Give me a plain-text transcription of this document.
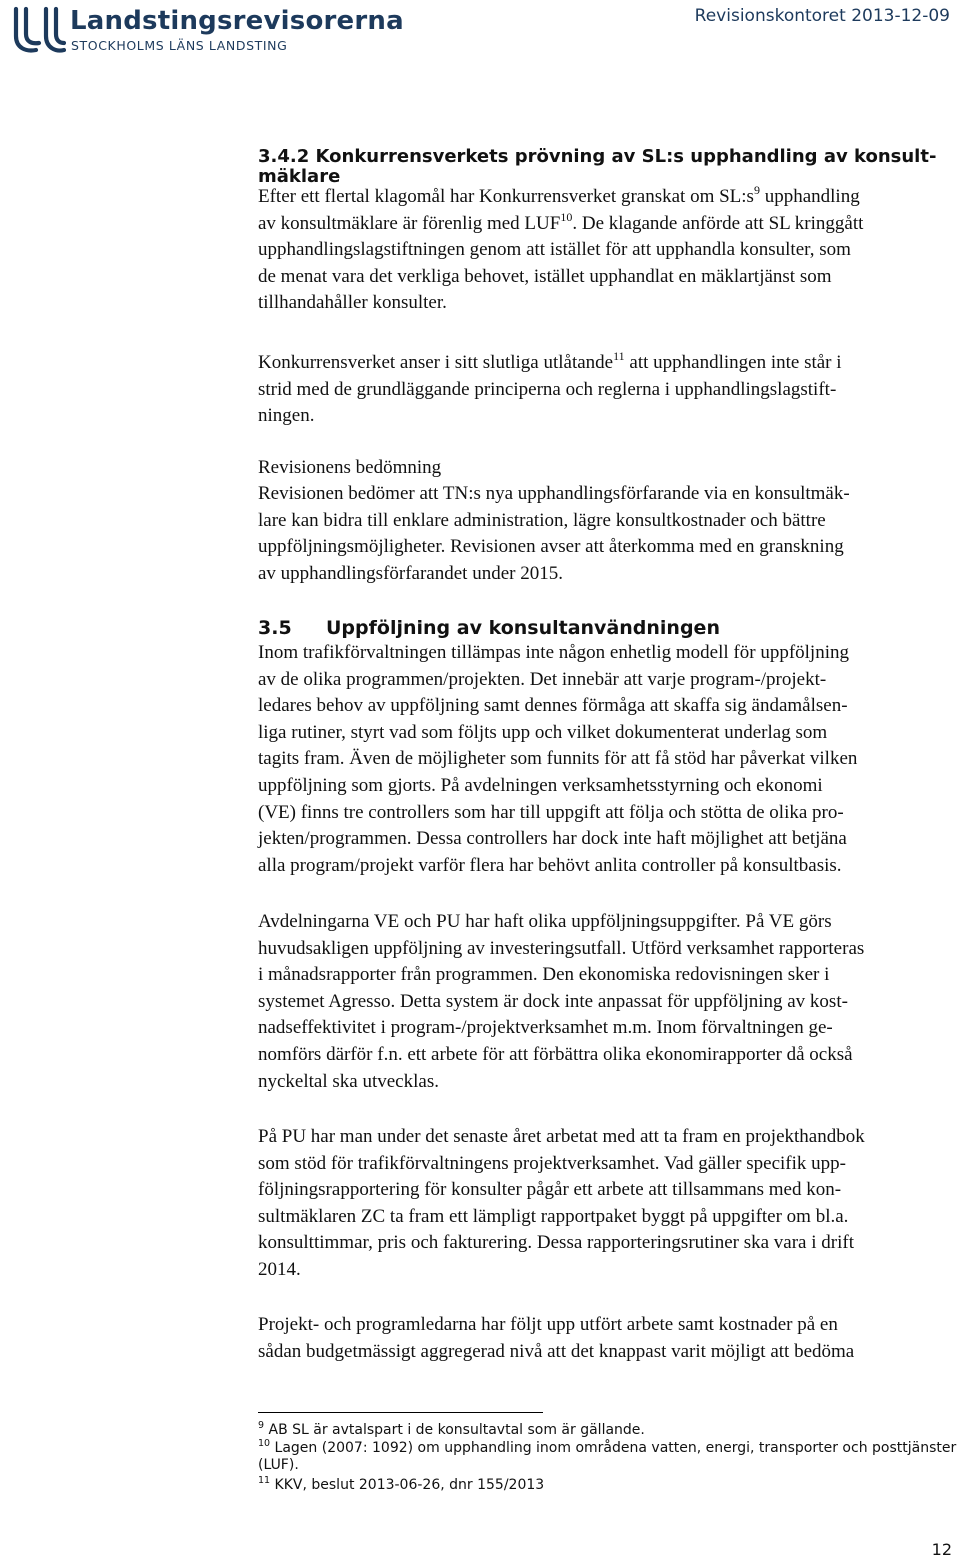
Landstingsrevisorerna
STOCKHOLMS LÄNS LANDSTING
Revisionskontoret 2013-12-09
3.4.2 Konkurrensverkets prövning av SL:s upphandling av konsult-
mäklare

Efter ett flertal klagomål har Konkurrensverket granskat om $SL:s^9$ upphandling
av konsultmäklare är förenlig med LUF$^{10}$. De klagande anförde att SL kringgått
upphandlingslagstiftningen genom att istället för att upphandla konsulter, som
de menat vara det verkliga behovet, istället upphandlat en mäklartjänst som
tillhandahåller konsulter.

Konkurrensverket anser i sitt slutliga utlåtande$^{11}$ att upphandlingen inte står i
strid med de grundläggande principerna och reglerna i upphandlingslagstift-
ningen.

Revisionens bedömning

Revisionen bedömer att TN:s nya upphandlingsförfarande via en konsultmäk-
lare kan bidra till enklare administration, lägre konsultkostnader och bättre
uppföljningsmöjligheter. Revisionen avser att återkomma med en granskning
av upphandlingsförfarandet under 2015.

3.5 Uppföljning av konsultanvändningen

Inom trafikförvaltningen tillämpas inte någon enhetlig modell för uppföljning
av de olika programmen/projekten. Det innebär att varje program-/projekt-
ledares behov av uppföljning samt dennes förmåga att skaffa sig ändamålsen-
liga rutiner, styrt vad som följts upp och vilket dokumenterat underlag som
tagits fram. Även de möjligheter som funnits för att få stöd har påverkat vilken
uppföljning som gjorts. På avdelningen verksamhetsstyrning och ekonomi
(VE) finns tre controllers som har till uppgift att följa och stötta de olika pro-
jekten/programmen. Dessa controllers har dock inte haft möjlighet att betjäna
alla program/projekt varför flera har behövt anlita controller på konsultbasis.

Avdelningarna VE och PU har haft olika uppföljningsuppgifter. På VE görs
huvudsakligen uppföljning av investeringsutfall. Utförd verksamhet rapporteras
i månadsrapporter från programmen. Den ekonomiska redovisningen sker i
systemet Agresso. Detta system är dock inte anpassat för uppföljning av kost-
nadseffektivitet i program-/projektverksamhet m.m. Inom förvaltningen ge-
nomförs därför f.n. ett arbete för att förbättra olika ekonomirapporter då också
nyckeltal ska utvecklas.

På PU har man under det senaste året arbetat med att ta fram en projekthandbok
som stöd för trafikförvaltningens projektverksamhet. Vad gäller specifik upp-
följningsrapportering för konsulter pågår ett arbete att tillsammans med kon-
sultmäklaren ZC ta fram ett lämpligt rapportpaket byggt på uppgifter om bl.a.
konsulttimmar, pris och fakturering. Dessa rapporteringsrutiner ska vara i drift
2014.

Projekt- och programledarna har följt upp utfört arbete samt kostnader på en
sådan budgetmässigt aggregerad nivå att det knappast varit möjligt att bedöma

$^9$ AB SL är avtalspart i de konsultavtal som är gällande.
$^{10}$ Lagen (2007: 1092) om upphandling inom områdena vatten, energi, transporter och posttjänster
(LUF).
$^{11}$ KKV, beslut 2013-06-26, dnr 155/2013
12
